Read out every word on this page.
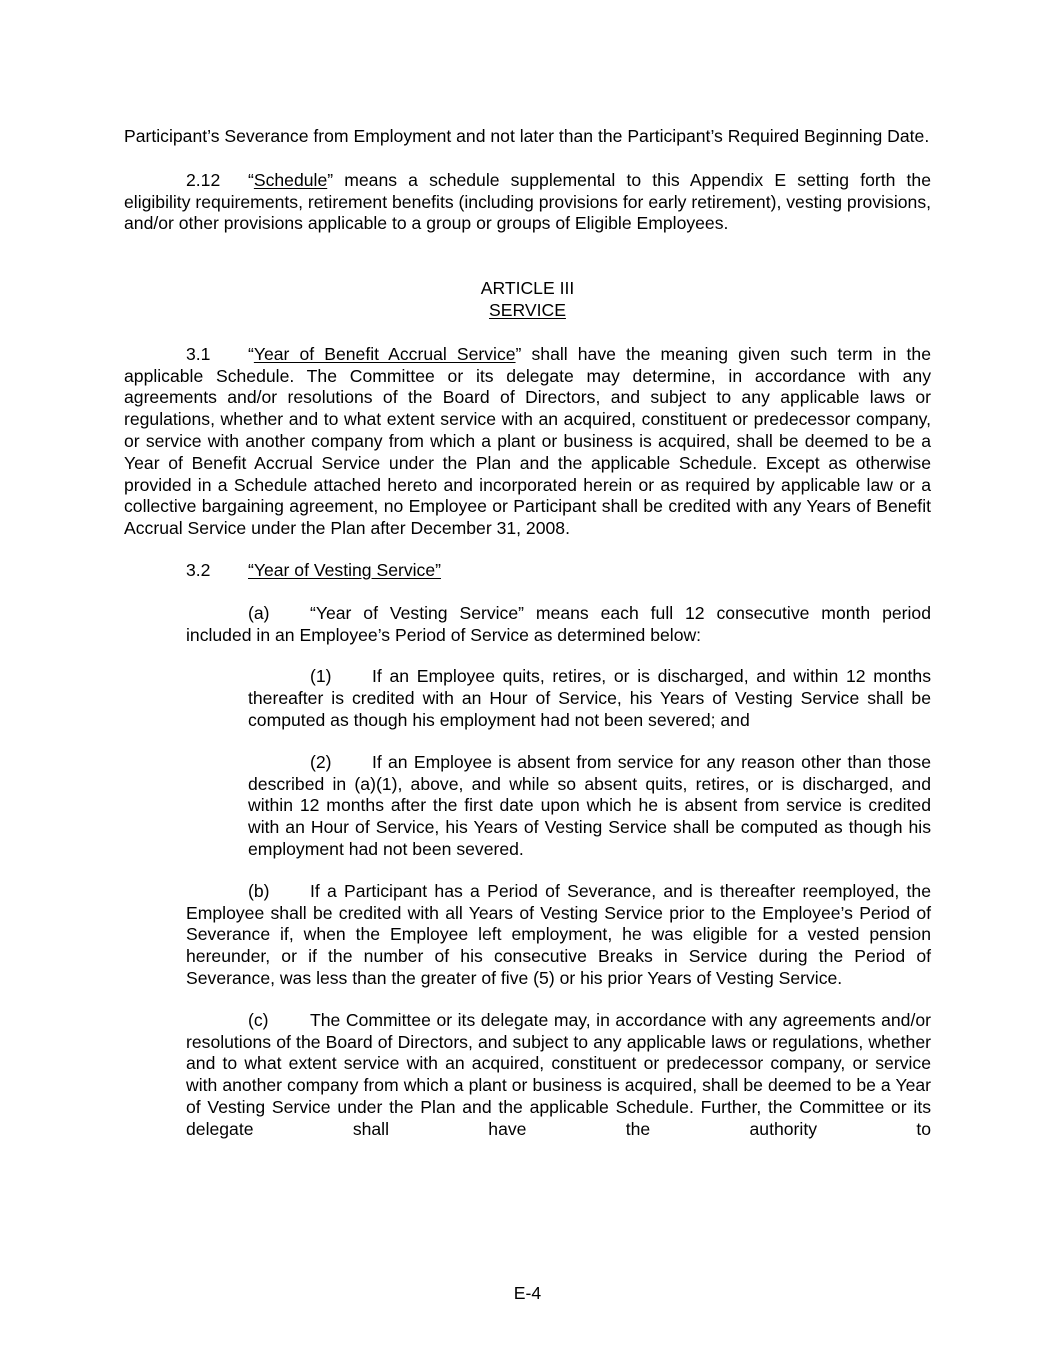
Participant’s Severance from Employment and not later than the Participant’s Required Beginning Date.

2.12 “Schedule” means a schedule supplemental to this Appendix E setting forth the eligibility requirements, retirement benefits (including provisions for early retirement), vesting provisions, and/or other provisions applicable to a group or groups of Eligible Employees.

ARTICLE III

SERVICE

3.1 “Year of Benefit Accrual Service” shall have the meaning given such term in the applicable Schedule. The Committee or its delegate may determine, in accordance with any agreements and/or resolutions of the Board of Directors, and subject to any applicable laws or regulations, whether and to what extent service with an acquired, constituent or predecessor company, or service with another company from which a plant or business is acquired, shall be deemed to be a Year of Benefit Accrual Service under the Plan and the applicable Schedule. Except as otherwise provided in a Schedule attached hereto and incorporated herein or as required by applicable law or a collective bargaining agreement, no Employee or Participant shall be credited with any Years of Benefit Accrual Service under the Plan after December 31, 2008.

3.2 “Year of Vesting Service”

(a) “Year of Vesting Service” means each full 12 consecutive month period included in an Employee’s Period of Service as determined below:

(1) If an Employee quits, retires, or is discharged, and within 12 months thereafter is credited with an Hour of Service, his Years of Vesting Service shall be computed as though his employment had not been severed; and

(2) If an Employee is absent from service for any reason other than those described in (a)(1), above, and while so absent quits, retires, or is discharged, and within 12 months after the first date upon which he is absent from service is credited with an Hour of Service, his Years of Vesting Service shall be computed as though his employment had not been severed.

(b) If a Participant has a Period of Severance, and is thereafter reemployed, the Employee shall be credited with all Years of Vesting Service prior to the Employee’s Period of Severance if, when the Employee left employment, he was eligible for a vested pension hereunder, or if the number of his consecutive Breaks in Service during the Period of Severance, was less than the greater of five (5) or his prior Years of Vesting Service.

(c) The Committee or its delegate may, in accordance with any agreements and/or resolutions of the Board of Directors, and subject to any applicable laws or regulations, whether and to what extent service with an acquired, constituent or predecessor company, or service with another company from which a plant or business is acquired, shall be deemed to be a Year of Vesting Service under the Plan and the applicable Schedule. Further, the Committee or its delegate shall have the authority to

E-4
